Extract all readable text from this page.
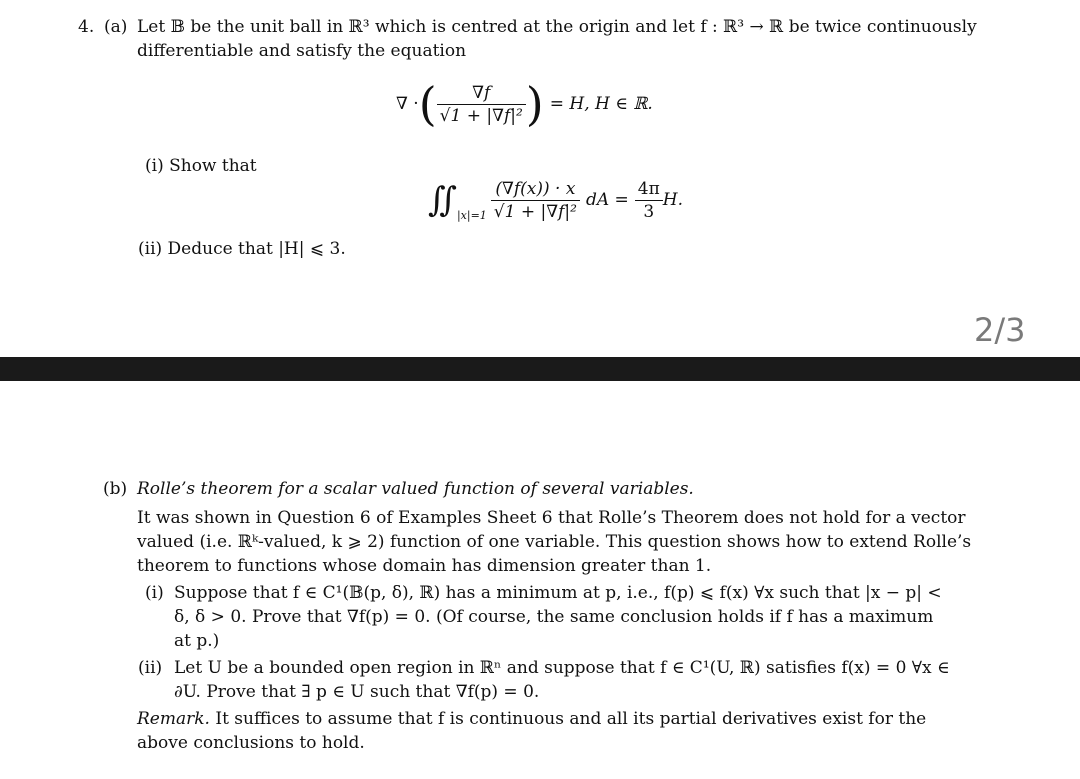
4. (a) Let 𝔹 be the unit ball in ℝ³ which is centred at the origin and let f : ℝ³ → ℝ be twice continuously
differentiable and satisfy the equation
∇ · ( $\frac{\nabla f}{\text{√1 + |∇f|²}}$ ) = H, H ∈ ℝ.
(i) Show that
∬ $|x|=1 \frac{(\nabla f(x)) \cdot x}{\text{√1 + |∇f|²}}$ dA = $\frac{4\pi}{3} H$.
(ii) Deduce that |H| ⩽ 3.
2/3
(b) Rolle’s theorem for a scalar valued function of several variables.
It was shown in Question 6 of Examples Sheet 6 that Rolle’s Theorem does not hold for a vector
valued (i.e. ℝᵏ-valued, k ⩾ 2) function of one variable. This question shows how to extend Rolle’s
theorem to functions whose domain has dimension greater than 1.
(i) Suppose that f ∈ C¹(𝔹(p, δ), ℝ) has a minimum at p, i.e., f(p) ⩽ f(x) ∀x such that |x − p| <
δ, δ > 0. Prove that ∇f(p) = 0. (Of course, the same conclusion holds if f has a maximum
at p.)
(ii) Let U be a bounded open region in ℝⁿ and suppose that f ∈ C¹(U, ℝ) satisfies f(x) = 0 ∀x ∈
∂U. Prove that ∃ p ∈ U such that ∇f(p) = 0.
Remark. It suffices to assume that f is continuous and all its partial derivatives exist for the
above conclusions to hold.
